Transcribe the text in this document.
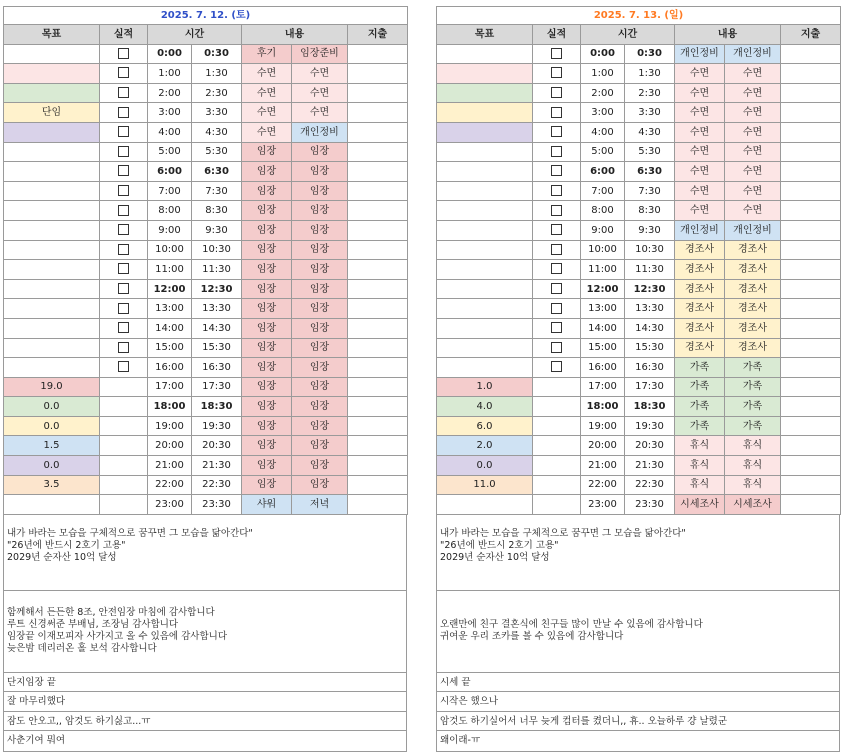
2025. 7. 12. (토)						
목표	실적	시간		내용		지출
		0:00	0:30	후기	임장준비	
		1:00	1:30	수면	수면	
		2:00	2:30	수면	수면	
단임		3:00	3:30	수면	수면	
		4:00	4:30	수면	개인정비	
		5:00	5:30	임장	임장	
		6:00	6:30	임장	임장	
		7:00	7:30	임장	임장	
		8:00	8:30	임장	임장	
		9:00	9:30	임장	임장	
		10:00	10:30	임장	임장	
		11:00	11:30	임장	임장	
		12:00	12:30	임장	임장	
		13:00	13:30	임장	임장	
		14:00	14:30	임장	임장	
		15:00	15:30	임장	임장	
		16:00	16:30	임장	임장	
19.0		17:00	17:30	임장	임장	
0.0		18:00	18:30	임장	임장	
0.0		19:00	19:30	임장	임장	
1.5		20:00	20:30	임장	임장	
0.0		21:00	21:30	임장	임장	
3.5		22:00	22:30	임장	임장	
		23:00	23:30	샤워	저녁	
내가 바라는 모습을 구체적으로 꿈꾸면 그 모습을 닮아간다"
"26년에 반드시 2호기 고용"
2029년 순자산 10억 달성
함께해서 든든한 8조, 안전임장 마침에 감사합니다
루트 신경써준 부배님, 조장님 감사합니다
임장끝 이재모피자 사가지고 올 수 있음에 감사합니다
늦은밤 데리러온 홀 보석 감사합니다
단지임장 끝
잘 마무리했다
잠도 안오고,, 암것도 하기싫고...ㅠ
사춘기여 뭐여
2025. 7. 13. (일)						
목표	실적	시간		내용		지출
		0:00	0:30	개인정비	개인정비	
		1:00	1:30	수면	수면	
		2:00	2:30	수면	수면	
		3:00	3:30	수면	수면	
		4:00	4:30	수면	수면	
		5:00	5:30	수면	수면	
		6:00	6:30	수면	수면	
		7:00	7:30	수면	수면	
		8:00	8:30	수면	수면	
		9:00	9:30	개인정비	개인정비	
		10:00	10:30	경조사	경조사	
		11:00	11:30	경조사	경조사	
		12:00	12:30	경조사	경조사	
		13:00	13:30	경조사	경조사	
		14:00	14:30	경조사	경조사	
		15:00	15:30	경조사	경조사	
		16:00	16:30	가족	가족	
1.0		17:00	17:30	가족	가족	
4.0		18:00	18:30	가족	가족	
6.0		19:00	19:30	가족	가족	
2.0		20:00	20:30	휴식	휴식	
0.0		21:00	21:30	휴식	휴식	
11.0		22:00	22:30	휴식	휴식	
		23:00	23:30	시세조사	시세조사	
내가 바라는 모습을 구체적으로 꿈꾸면 그 모습을 닮아간다"
"26년에 반드시 2호기 고용"
2029년 순자산 10억 달성
오랜만에 친구 결혼식에 친구들 많이 만날 수 있음에 감사합니다
귀여운 우리 조카를 볼 수 있음에 감사합니다
시세 끝
시작은 했으나
암것도 하기실어서 너무 늦게 컴터를 켰더니,, 휴.. 오늘하루 걍 날렸군
왜이래-ㅠ
